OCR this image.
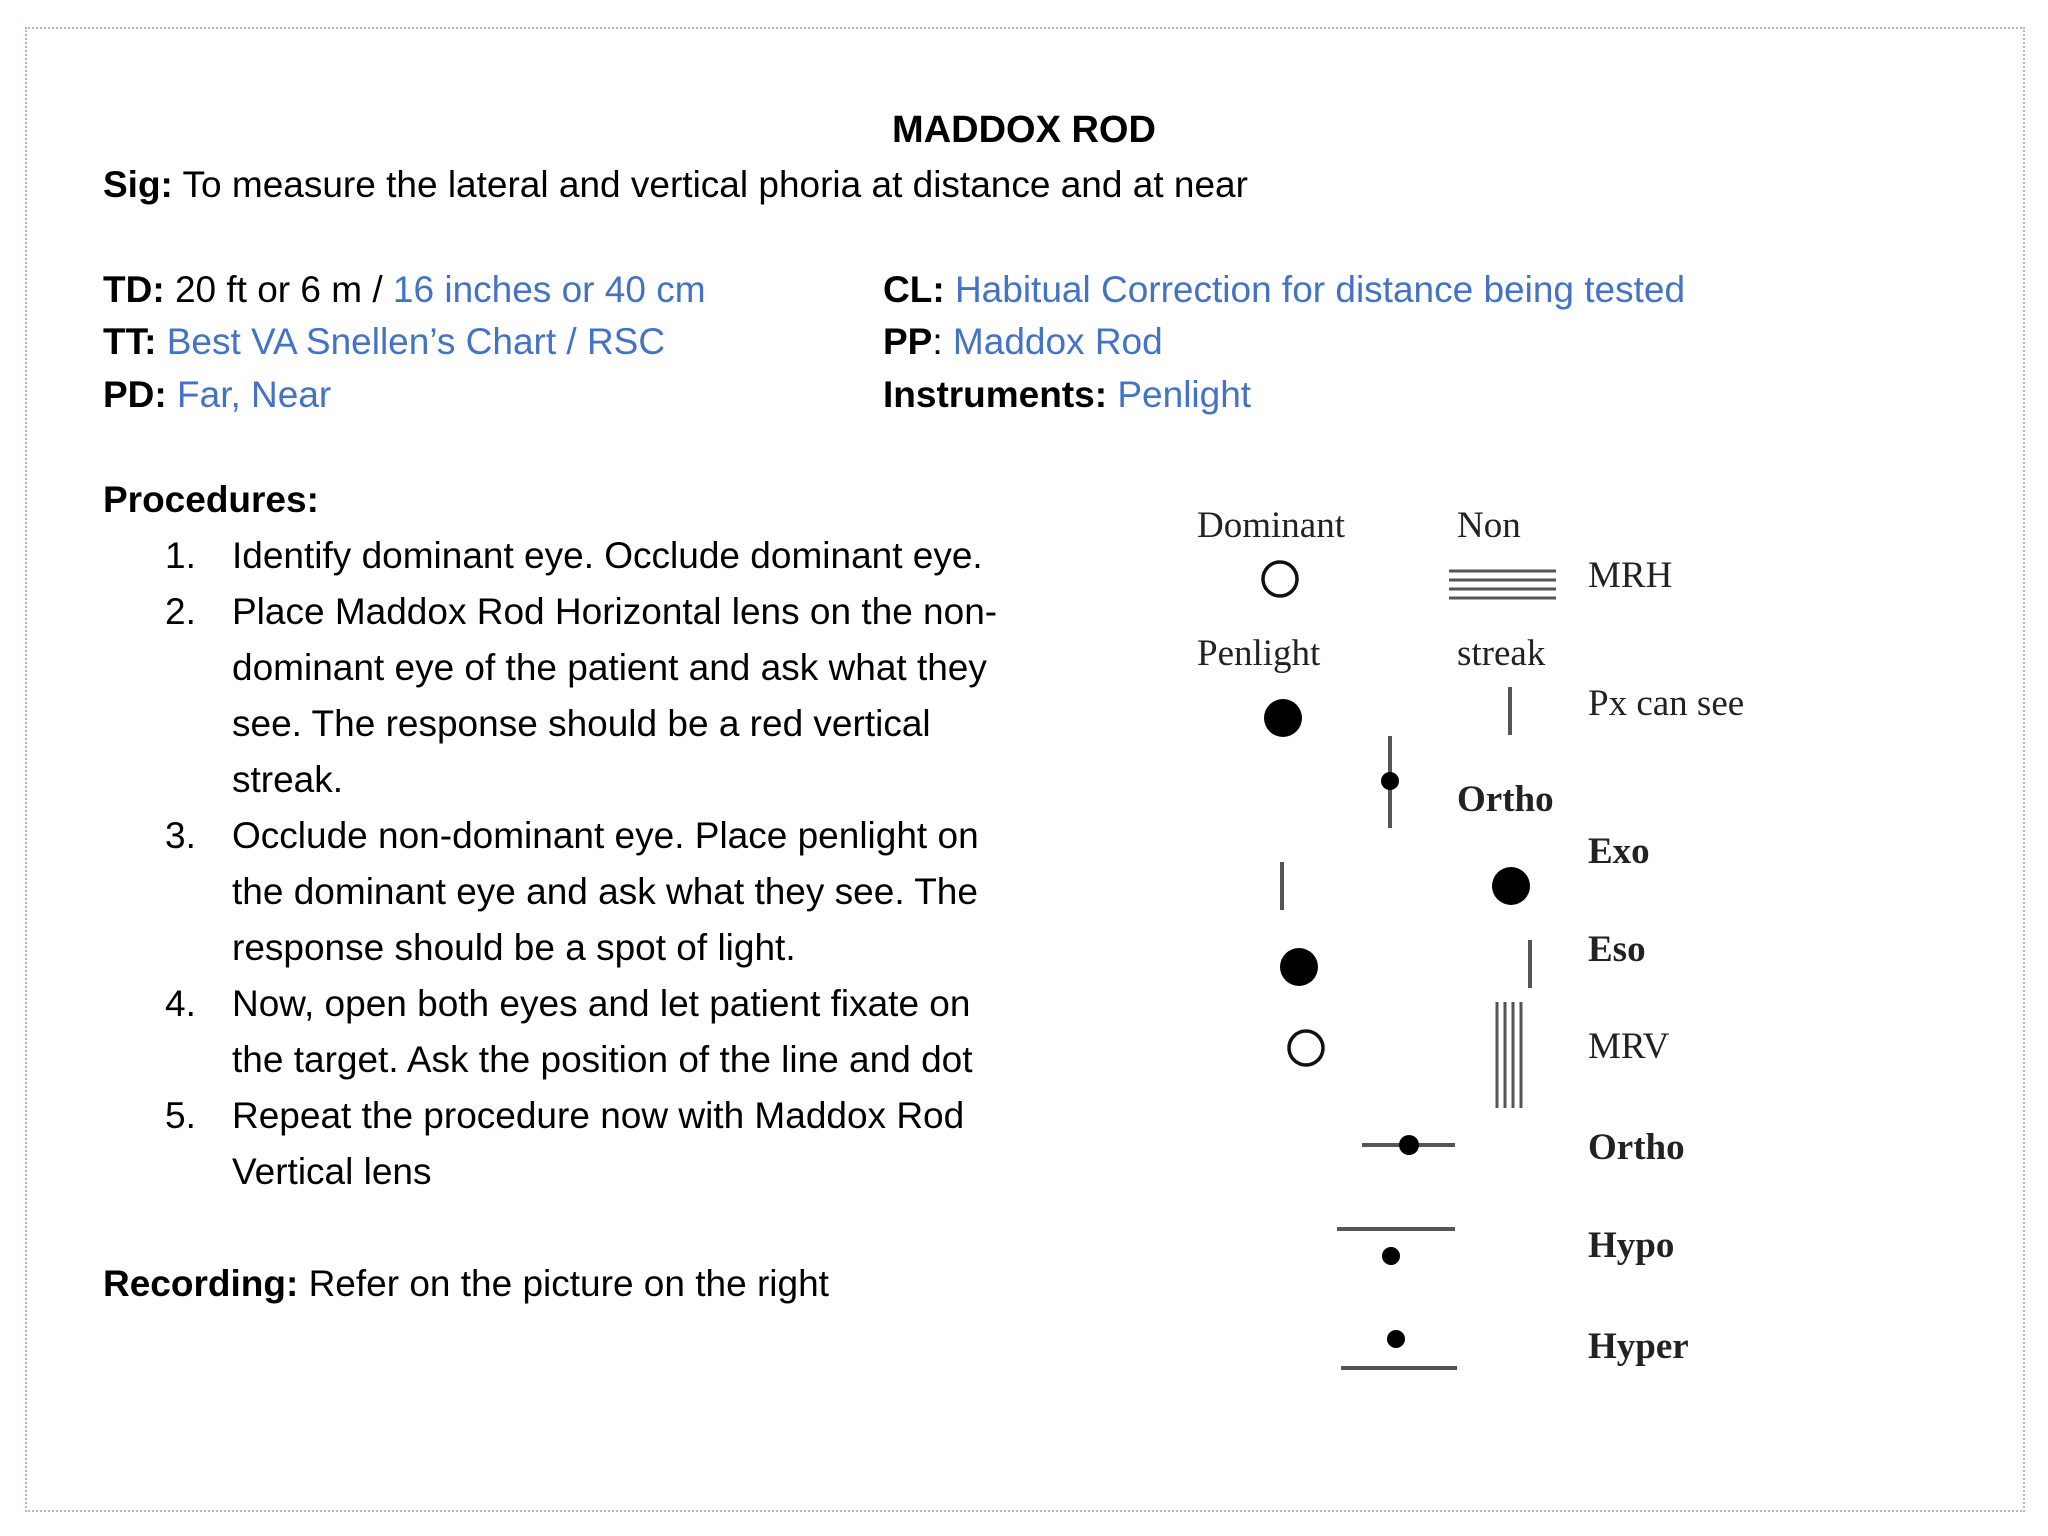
MADDOX ROD
Sig: To measure the lateral and vertical phoria at distance and at near
TD: 20 ft or 6 m / 16 inches or 40 cm
TT: Best VA Snellen’s Chart / RSC
PD: Far, Near
CL: Habitual Correction for distance being tested
PP: Maddox Rod
Instruments: Penlight
Procedures:
1. Identify dominant eye. Occlude dominant eye.
2. Place Maddox Rod Horizontal lens on the non-dominant eye of the patient and ask what they see. The response should be a red vertical streak.
3. Occlude non-dominant eye. Place penlight on the dominant eye and ask what they see. The response should be a spot of light.
4. Now, open both eyes and let patient fixate on the target. Ask the position of the line and dot
5. Repeat the procedure now with Maddox Rod Vertical lens
Recording: Refer on the picture on the right
Dominant	Non
MRH
Penlight	streak
Px can see
Ortho
Exo
Eso
MRV
Ortho
Hypo
Hyper
